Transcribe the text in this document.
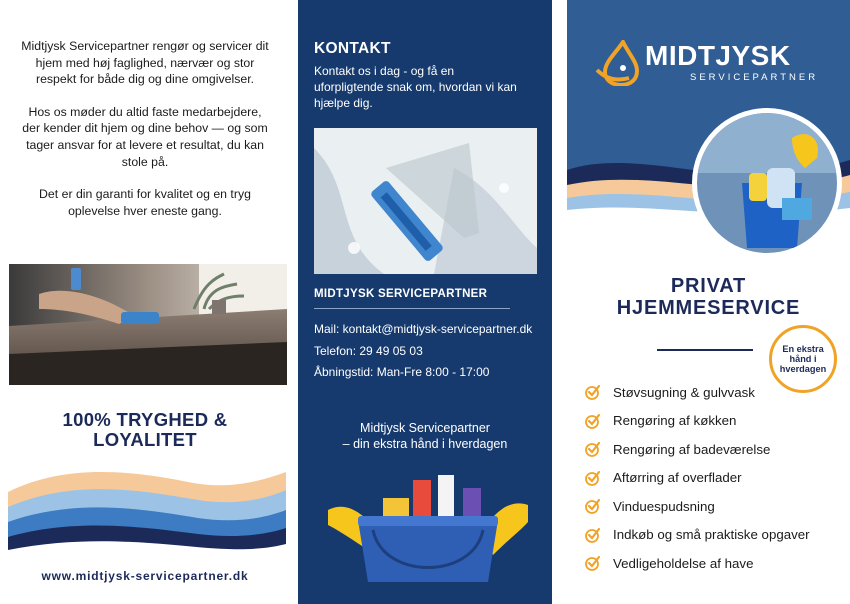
Midtjysk Servicepartner rengør og servicer dit hjem med høj faglighed, nærvær og stor respekt for både dig og dine omgivelser.

Hos os møder du altid faste medarbejdere, der kender dit hjem og dine behov — og som tager ansvar for at levere et resultat, du kan stole på.

Det er din garanti for kvalitet og en tryg oplevelse hver eneste gang.

100% TRYGHED &
LOYALITET
www.midtjysk-servicepartner.dk
KONTAKT
Kontakt os i dag - og få en uforpligtende snak om, hvordan vi kan hjælpe dig.
MIDTJYSK SERVICEPARTNER
Mail: kontakt@midtjysk-servicepartner.dk
Telefon: 29 49 05 03
Åbningstid: Man-Fre 8:00 - 17:00
Midtjysk Servicepartner
– din ekstra hånd i hverdagen
MIDTJYSK
SERVICEPARTNER
PRIVAT
HJEMMESERVICE
En ekstra
hånd i
hverdagen
Støvsugning & gulvvask
Rengøring af køkken
Rengøring af badeværelse
Aftørring af overflader
Vinduespudsning
Indkøb og små praktiske opgaver
Vedligeholdelse af have
